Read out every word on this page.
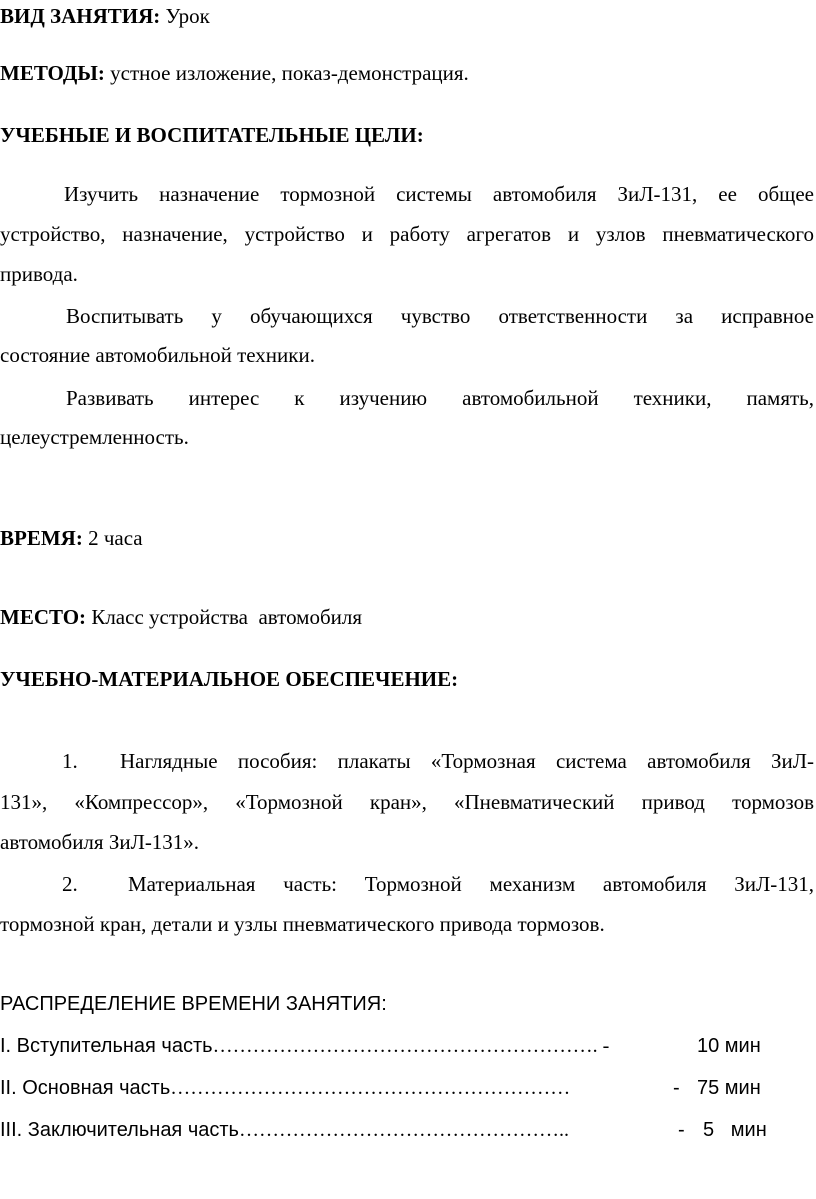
ВИД ЗАНЯТИЯ: Урок
МЕТОДЫ: устное изложение, показ-демонстрация.
УЧЕБНЫЕ И ВОСПИТАТЕЛЬНЫЕ ЦЕЛИ:
Изучить назначение тормозной системы автомобиля ЗиЛ-131, ее общее
устройство, назначение, устройство и работу агрегатов и узлов пневматического
привода.
Воспитывать у обучающихся чувство ответственности за исправное
состояние автомобильной техники.
Развивать интерес к изучению автомобильной техники, память,
целеустремленность.
ВРЕМЯ: 2 часа
МЕСТО: Класс устройства  автомобиля
УЧЕБНО-МАТЕРИАЛЬНОЕ ОБЕСПЕЧЕНИЕ:
1. Наглядные пособия: плакаты «Тормозная система автомобиля ЗиЛ-
131», «Компрессор», «Тормозной кран», «Пневматический привод тормозов
автомобиля ЗиЛ-131».
2. Материальная часть: Тормозной механизм автомобиля ЗиЛ-131,
тормозной кран, детали и узлы пневматического привода тормозов.
РАСПРЕДЕЛЕНИЕ ВРЕМЕНИ ЗАНЯТИЯ:
I. Вступительная часть…………………………………………………. -	10 мин
II. Основная часть……………………………………………………	- 75 мин
III. Заключительная часть…………………………………………..	- 5   мин
